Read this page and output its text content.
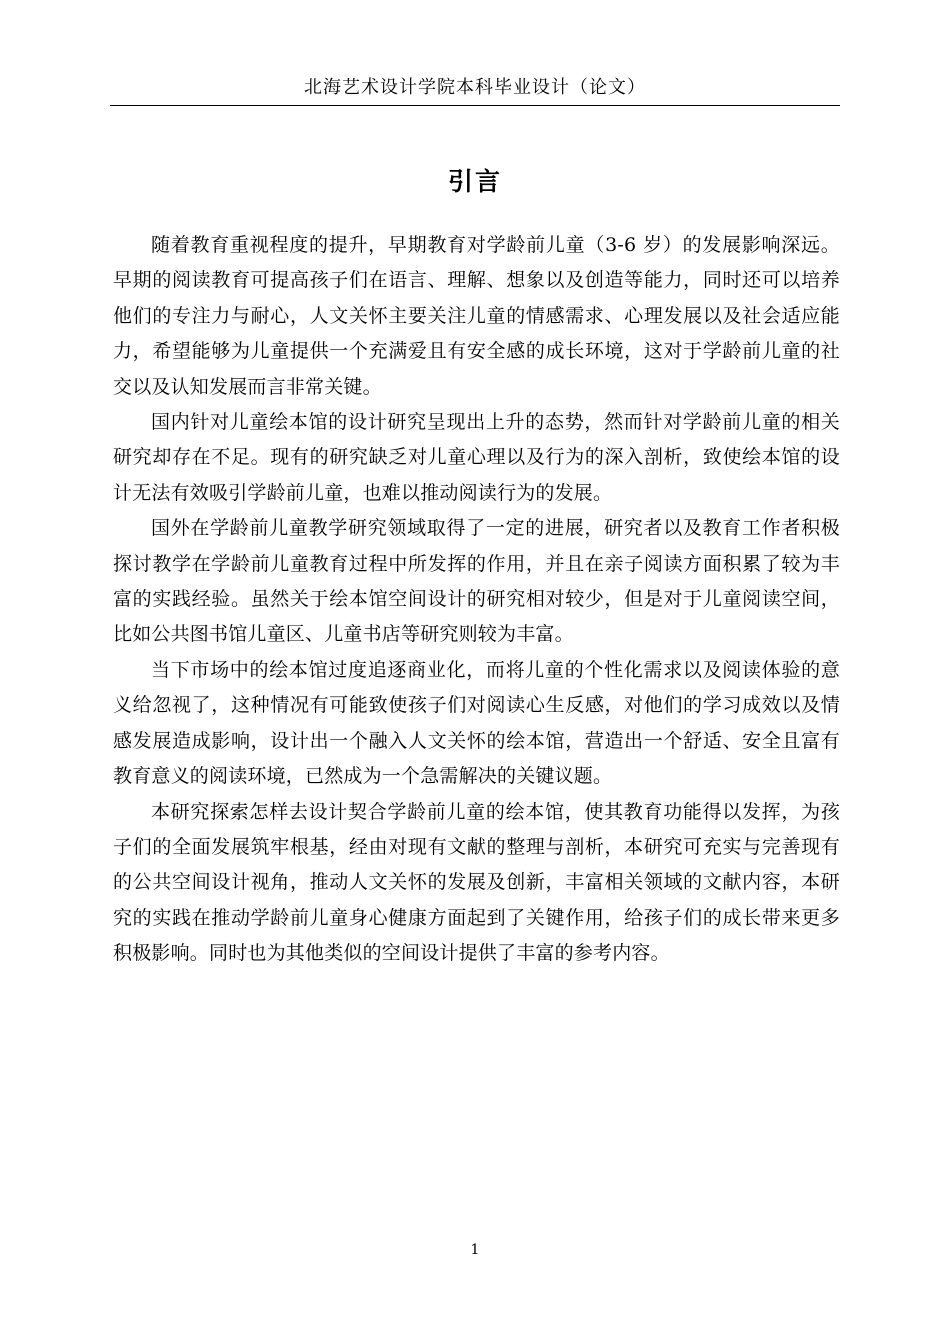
北海艺术设计学院本科毕业设计（论文）
引言

随着教育重视程度的提升，早期教育对学龄前儿童（3-6 岁）的发展影响深远。早期的阅读教育可提高孩子们在语言、理解、想象以及创造等能力，同时还可以培养他们的专注力与耐心，人文关怀主要关注儿童的情感需求、心理发展以及社会适应能力，希望能够为儿童提供一个充满爱且有安全感的成长环境，这对于学龄前儿童的社交以及认知发展而言非常关键。

国内针对儿童绘本馆的设计研究呈现出上升的态势，然而针对学龄前儿童的相关研究却存在不足。现有的研究缺乏对儿童心理以及行为的深入剖析，致使绘本馆的设计无法有效吸引学龄前儿童，也难以推动阅读行为的发展。

国外在学龄前儿童教学研究领域取得了一定的进展，研究者以及教育工作者积极探讨教学在学龄前儿童教育过程中所发挥的作用，并且在亲子阅读方面积累了较为丰富的实践经验。虽然关于绘本馆空间设计的研究相对较少，但是对于儿童阅读空间，比如公共图书馆儿童区、儿童书店等研究则较为丰富。

当下市场中的绘本馆过度追逐商业化，而将儿童的个性化需求以及阅读体验的意义给忽视了，这种情况有可能致使孩子们对阅读心生反感，对他们的学习成效以及情感发展造成影响，设计出一个融入人文关怀的绘本馆，营造出一个舒适、安全且富有教育意义的阅读环境，已然成为一个急需解决的关键议题。

本研究探索怎样去设计契合学龄前儿童的绘本馆，使其教育功能得以发挥，为孩子们的全面发展筑牢根基，经由对现有文献的整理与剖析，本研究可充实与完善现有的公共空间设计视角，推动人文关怀的发展及创新，丰富相关领域的文献内容，本研究的实践在推动学龄前儿童身心健康方面起到了关键作用，给孩子们的成长带来更多积极影响。同时也为其他类似的空间设计提供了丰富的参考内容。

1
